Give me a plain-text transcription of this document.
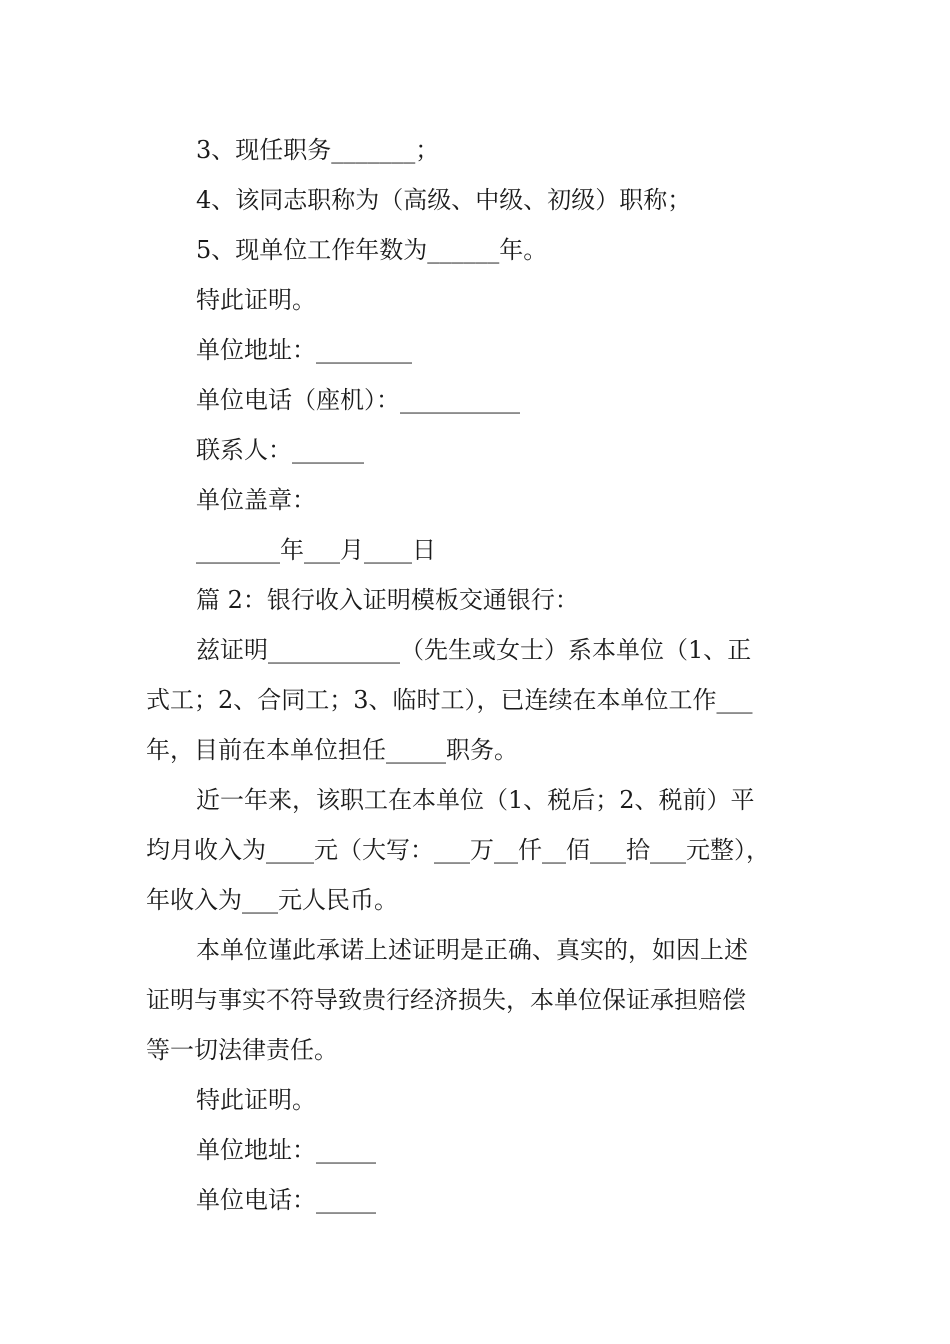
3、现任职务_______；
4、该同志职称为（高级、中级、初级）职称；
5、现单位工作年数为______年。
特此证明。
单位地址：________
单位电话（座机）：__________
联系人：______
单位盖章：
_______年___月____日
篇 2：银行收入证明模板交通银行：
兹证明___________（先生或女士）系本单位（1、正
式工；2、合同工；3、临时工），已连续在本单位工作___
年，目前在本单位担任_____职务。
近一年来，该职工在本单位（1、税后；2、税前）平
均月收入为____元（大写：___万__仟__佰___拾___元整），
年收入为___元人民币。
本单位谨此承诺上述证明是正确、真实的，如因上述
证明与事实不符导致贵行经济损失，本单位保证承担赔偿
等一切法律责任。
特此证明。
单位地址：_____
单位电话：_____
